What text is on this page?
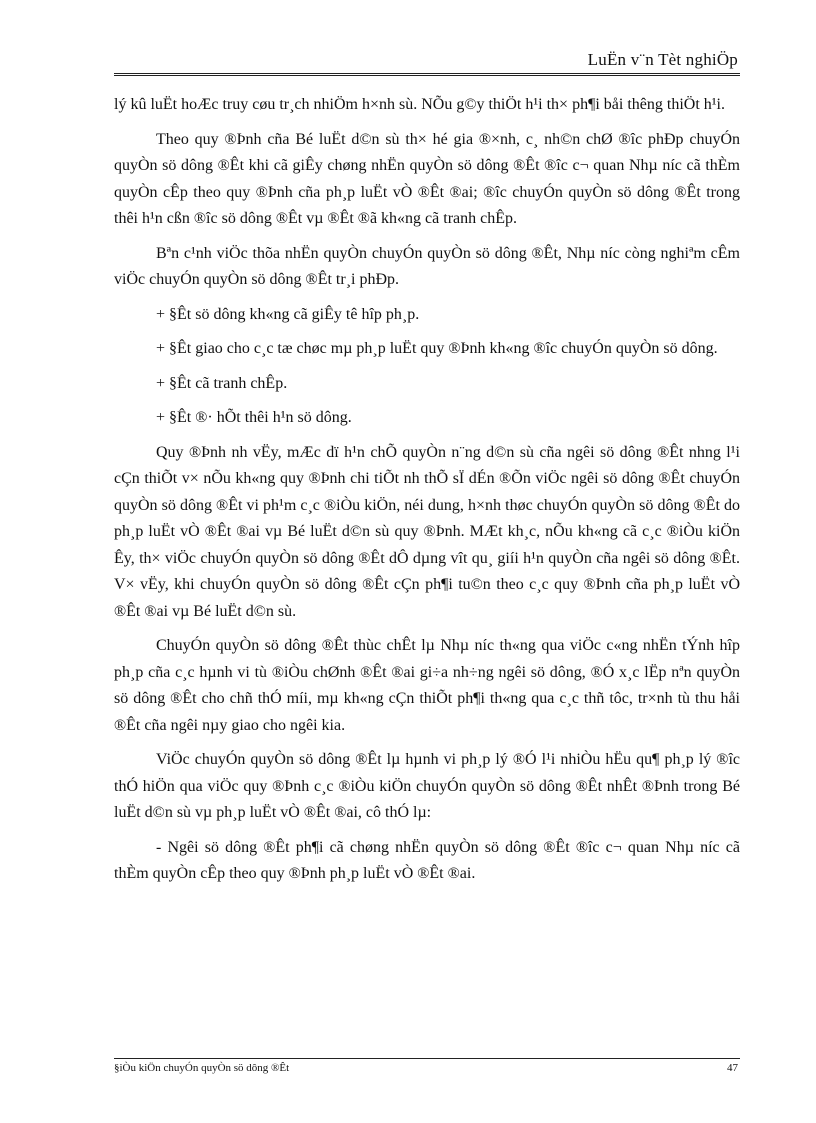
LuËn v¨n Tèt nghiÖp

lý kû luËt hoÆc truy cøu tr¸ch nhiÖm h×nh sù. NÕu g©y thiÖt h¹i th× ph¶i båi thêng thiÖt h¹i.

Theo quy ®Þnh cña Bé luËt d©n sù th× hé gia ®×nh, c¸ nh©n chØ ®îc phÐp chuyÓn quyÒn sö dông ®Êt khi cã giÊy chøng nhËn quyÒn sö dông ®Êt ®îc c¬ quan Nhµ níc cã thÈm quyÒn cÊp theo quy ®Þnh cña ph¸p luËt vÒ ®Êt ®ai; ®îc chuyÓn quyÒn sö dông ®Êt trong thêi h¹n cßn ®îc sö dông ®Êt vµ ®Êt ®ã kh«ng cã tranh chÊp.

Bªn c¹nh viÖc thõa nhËn quyÒn chuyÓn quyÒn sö dông ®Êt, Nhµ níc còng nghiªm cÊm viÖc chuyÓn quyÒn sö dông ®Êt tr¸i phÐp.

+ §Êt sö dông kh«ng cã giÊy tê hîp ph¸p.

+ §Êt giao cho c¸c tæ chøc mµ ph¸p luËt quy ®Þnh kh«ng ®îc chuyÓn quyÒn sö dông.

+ §Êt cã tranh chÊp.

+ §Êt ®· hÕt thêi h¹n sö dông.

Quy ®Þnh nh vËy, mÆc dï h¹n chÕ quyÒn n¨ng d©n sù cña ngêi sö dông ®Êt nhng l¹i cÇn thiÕt v× nÕu kh«ng quy ®Þnh chi tiÕt nh thÕ sÏ dÉn ®Õn viÖc ngêi sö dông ®Êt chuyÓn quyÒn sö dông ®Êt vi ph¹m c¸c ®iÒu kiÖn, néi dung, h×nh thøc chuyÓn quyÒn sö dông ®Êt do ph¸p luËt vÒ ®Êt ®ai vµ Bé luËt d©n sù quy ®Þnh. MÆt kh¸c, nÕu kh«ng cã c¸c ®iÒu kiÖn Êy, th× viÖc chuyÓn quyÒn sö dông ®Êt dÔ dµng vît qu¸ giíi h¹n quyÒn cña ngêi sö dông ®Êt. V× vËy, khi chuyÓn quyÒn sö dông ®Êt cÇn ph¶i tu©n theo c¸c quy ®Þnh cña ph¸p luËt vÒ ®Êt ®ai vµ Bé luËt d©n sù.

ChuyÓn quyÒn sö dông ®Êt thùc chÊt lµ Nhµ níc th«ng qua viÖc c«ng nhËn tÝnh hîp ph¸p cña c¸c hµnh vi tù ®iÒu chØnh ®Êt ®ai gi÷a nh÷ng ngêi sö dông, ®Ó x¸c lËp nªn quyÒn sö dông ®Êt cho chñ thÓ míi, mµ kh«ng cÇn thiÕt ph¶i th«ng qua c¸c thñ tôc, tr×nh tù thu håi ®Êt cña ngêi nµy giao cho ngêi kia.

ViÖc chuyÓn quyÒn sö dông ®Êt lµ hµnh vi ph¸p lý ®Ó l¹i nhiÒu hËu qu¶ ph¸p lý ®îc thÓ hiÖn qua viÖc quy ®Þnh c¸c ®iÒu kiÖn chuyÓn quyÒn sö dông ®Êt nhÊt ®Þnh trong Bé luËt d©n sù vµ ph¸p luËt vÒ ®Êt ®ai, cô thÓ lµ:

- Ngêi sö dông ®Êt ph¶i cã chøng nhËn quyÒn sö dông ®Êt ®îc c¬ quan Nhµ níc cã thÈm quyÒn cÊp theo quy ®Þnh ph¸p luËt vÒ ®Êt ®ai.

§iÒu kiÖn chuyÓn quyÒn sö dông ®Êt	47
